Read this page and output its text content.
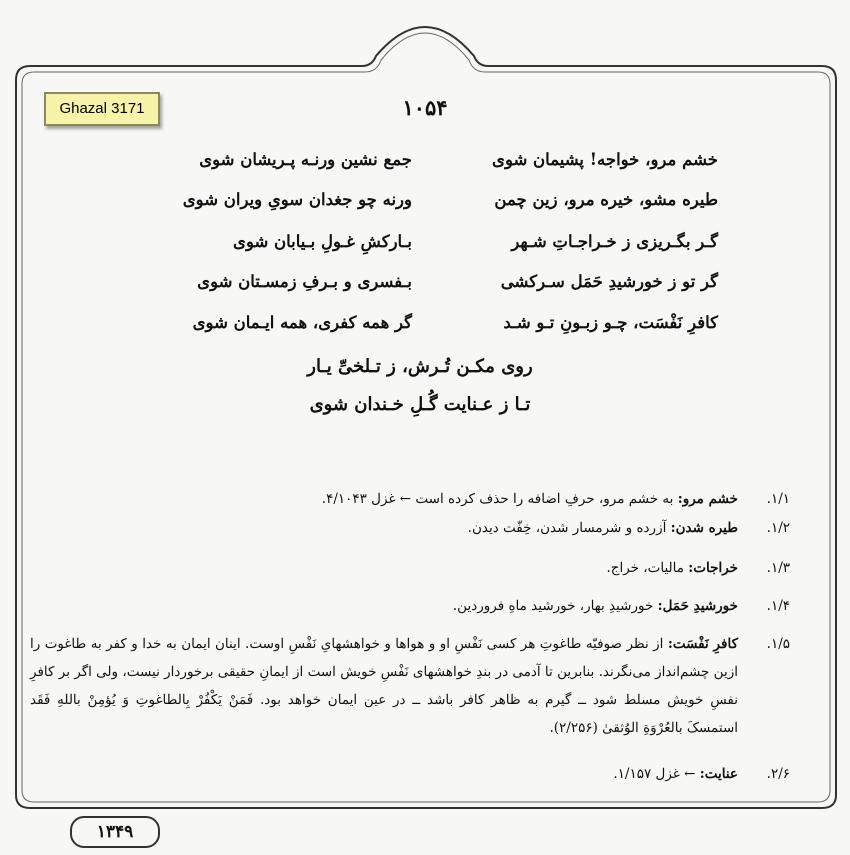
Ghazal 3171	۱۰۵۴
خشم مرو، خواجه! پشیمان شوی
جمع نشین ورنـه پـریشان شوی
طیره مشو، خیره مرو، زین چمن
ورنه چو جغدان سویِ ویران شوی
گـر بگـریزی ز خـراجـاتِ شـهر
بـارکشِ غـولِ بـیابان شوی
گر تو ز خورشیدِ حَمَل سـرکشی
بـفسری و بـرفِ زمسـتان شوی
کافرِ نَفْسَت، چـو زبـونِ تـو شـد
گر همه کفری، همه ایـمان شوی
روی مکـن تُـرش، ز تـلخیِّ یـار
تـا ز عـنایت گُـلِ خـندان شوی
۱/۱.
خشم مرو: به خشم مرو، حرفِ اضافه را حذف کرده است ← غزل ۴/۱۰۴۳.
۱/۲.
طیره شدن: آزرده و شرمسار شدن، خِفّت دیدن.
۱/۳.
خراجات: مالیات، خراج.
۱/۴.
خورشیدِ حَمَل: خورشیدِ بهار، خورشید ماهِ فروردین.
۱/۵.
کافرِ نَفْسَت: از نظر صوفیّه طاغوتِ هر کسی نَفْسِ او و هواها و خواهشهایِ نَفْسِ اوست. اینان ایمان به خدا و کفر به طاغوت را ازین چشم‌انداز می‌نگرند. بنابرین تا آدمی در بندِ خواهشهای نَفْسِ خویش است از ایمانِ حقیقی برخوردار نیست، ولی اگر بر کافرِ نفسِ خویش مسلط شود ــ گیرم به ظاهر کافر باشد ــ در عین ایمان خواهد بود. فَمَنْ یَکْفُرْ بِالطاغوتِ وَ یُؤمِنْ باللهِ فَقَد استمسکَ بالعُرْوَةِ الوُثقیٰ (۲/۲۵۶).
۲/۶.
عنایت: ← غزل ۱/۱۵۷.
۱۳۴۹
